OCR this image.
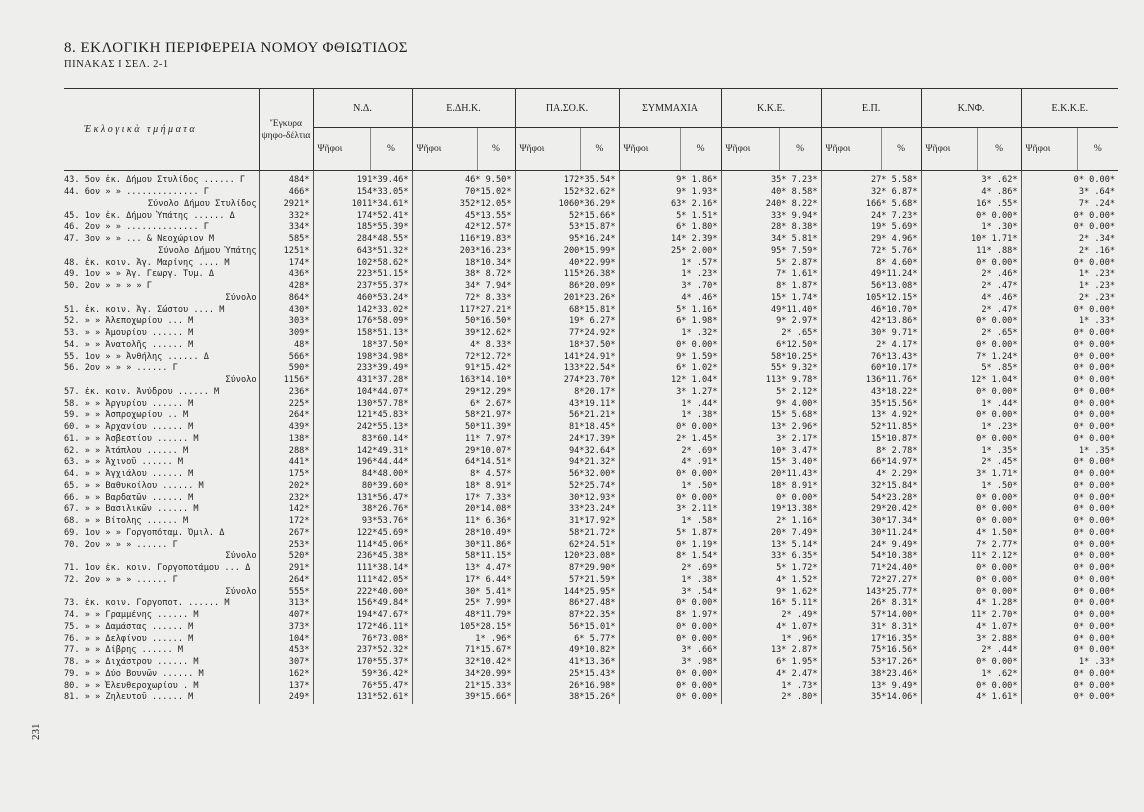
8. ΕΚΛΟΓΙΚΗ ΠΕΡΙΦΕΡΕΙΑ ΝΟΜΟΥ ΦΘΙΩΤΙΔΟΣ
ΠΙΝΑΚΑΣ Ι ΣΕΛ. 2-1
231
Ἐκλογικὰ τμήματα	Ἔγκυρα ψηφο-δέλτια	Ν.Δ.		Ε.ΔΗ.Κ.		ΠΑ.ΣΟ.Κ.		ΣΥΜΜΑΧΙΑ		Κ.Κ.Ε.		Ε.Π.		Κ.ΝΦ.		Ε.Κ.Κ.Ε.	
		Ψῆφοι	%	Ψῆφοι	%	Ψῆφοι	%	Ψῆφοι	%	Ψῆφοι	%	Ψῆφοι	%	Ψῆφοι	%	Ψῆφοι	%
43. 5ον ἐκ. Δήμου Στυλίδος ...... Γ	484*	191*39.46*		46* 9.50*		172*35.54*		9* 1.86*		35* 7.23*		27* 5.58*		3* .62*		0* 0.00*	
44. 6ον » » .............. Γ	466*	154*33.05*		70*15.02*		152*32.62*		9* 1.93*		40* 8.58*		32* 6.87*		4* .86*		3* .64*	
Σύνολο Δήμου Στυλίδος	2921*	1011*34.61*		352*12.05*		1060*36.29*		63* 2.16*		240* 8.22*		166* 5.68*		16* .55*		7* .24*	
45. 1ον ἐκ. Δήμου Ὑπάτης ...... Δ	332*	174*52.41*		45*13.55*		52*15.66*		5* 1.51*		33* 9.94*		24* 7.23*		0* 0.00*		0* 0.00*	
46. 2ον » » .............. Γ	334*	185*55.39*		42*12.57*		53*15.87*		6* 1.80*		28* 8.38*		19* 5.69*		1* .30*		0* 0.00*	
47. 3ον » » ... & Νεοχώριον Μ	585*	284*48.55*		116*19.83*		95*16.24*		14* 2.39*		34* 5.81*		29* 4.96*		10* 1.71*		2* .34*	
Σύνολο Δήμου Ὑπάτης	1251*	643*51.32*		203*16.23*		200*15.99*		25* 2.00*		95* 7.59*		72* 5.76*		11* .88*		2* .16*	
48. ἐκ. κοιν. Ἁγ. Μαρίνης .... Μ	174*	102*58.62*		18*10.34*		40*22.99*		1* .57*		5* 2.87*		8* 4.60*		0* 0.00*		0* 0.00*	
49. 1ον » » Ἁγ. Γεωργ. Τυμ. Δ	436*	223*51.15*		38* 8.72*		115*26.38*		1* .23*		7* 1.61*		49*11.24*		2* .46*		1* .23*	
50. 2ον » » » » Γ	428*	237*55.37*		34* 7.94*		86*20.09*		3* .70*		8* 1.87*		56*13.08*		2* .47*		1* .23*	
Σύνολο	864*	460*53.24*		72* 8.33*		201*23.26*		4* .46*		15* 1.74*		105*12.15*		4* .46*		2* .23*	
51. ἐκ. κοιν. Ἁγ. Σώστου .... Μ	430*	142*33.02*		117*27.21*		68*15.81*		5* 1.16*		49*11.40*		46*10.70*		2* .47*		0* 0.00*	
52. » » Ἀλεποχωρίου ... Μ	303*	176*58.09*		50*16.50*		19* 6.27*		6* 1.98*		9* 2.97*		42*13.86*		0* 0.00*		1* .33*	
53. » » Ἀμουρίου ...... Μ	309*	158*51.13*		39*12.62*		77*24.92*		1* .32*		2* .65*		30* 9.71*		2* .65*		0* 0.00*	
54. » » Ἀνατολῆς ...... Μ	48*	18*37.50*		4* 8.33*		18*37.50*		0* 0.00*		6*12.50*		2* 4.17*		0* 0.00*		0* 0.00*	
55. 1ον » » Ἀνθήλης ...... Δ	566*	198*34.98*		72*12.72*		141*24.91*		9* 1.59*		58*10.25*		76*13.43*		7* 1.24*		0* 0.00*	
56. 2ον » » » ...... Γ	590*	233*39.49*		91*15.42*		133*22.54*		6* 1.02*		55* 9.32*		60*10.17*		5* .85*		0* 0.00*	
Σύνολο	1156*	431*37.28*		163*14.10*		274*23.70*		12* 1.04*		113* 9.78*		136*11.76*		12* 1.04*		0* 0.00*	
57. ἐκ. κοιν. Ἀνύδρου ...... Μ	236*	104*44.07*		29*12.29*		8*20.17*		3* 1.27*		5* 2.12*		43*18.22*		0* 0.00*		0* 0.00*	
58. » » Ἀργυρίου ...... Μ	225*	130*57.78*		6* 2.67*		43*19.11*		1* .44*		9* 4.00*		35*15.56*		1* .44*		0* 0.00*	
59. » » Ἀσπροχωρίου .. Μ	264*	121*45.83*		58*21.97*		56*21.21*		1* .38*		15* 5.68*		13* 4.92*		0* 0.00*		0* 0.00*	
60. » » Ἀρχανίου ...... Μ	439*	242*55.13*		50*11.39*		81*18.45*		0* 0.00*		13* 2.96*		52*11.85*		1* .23*		0* 0.00*	
61. » » Ἀσβεστίου ...... Μ	138*	83*60.14*		11* 7.97*		24*17.39*		2* 1.45*		3* 2.17*		15*10.87*		0* 0.00*		0* 0.00*	
62. » » Ἀτάπλου ...... Μ	288*	142*49.31*		29*10.07*		94*32.64*		2* .69*		10* 3.47*		8* 2.78*		1* .35*		1* .35*	
63. » » Ἀχινοῦ ...... Μ	441*	196*44.44*		64*14.51*		94*21.32*		4* .91*		15* 3.40*		66*14.97*		2* .45*		0* 0.00*	
64. » » Ἀγχιάλου ...... Μ	175*	84*48.00*		8* 4.57*		56*32.00*		0* 0.00*		20*11.43*		4* 2.29*		3* 1.71*		0* 0.00*	
65. » » Βαθυκοίλου ...... Μ	202*	80*39.60*		18* 8.91*		52*25.74*		1* .50*		18* 8.91*		32*15.84*		1* .50*		0* 0.00*	
66. » » Βαρδατῶν ...... Μ	232*	131*56.47*		17* 7.33*		30*12.93*		0* 0.00*		0* 0.00*		54*23.28*		0* 0.00*		0* 0.00*	
67. » » Βασιλικῶν ...... Μ	142*	38*26.76*		20*14.08*		33*23.24*		3* 2.11*		19*13.38*		29*20.42*		0* 0.00*		0* 0.00*	
68. » » Βίτολης ...... Μ	172*	93*53.76*		11* 6.36*		31*17.92*		1* .58*		2* 1.16*		30*17.34*		0* 0.00*		0* 0.00*	
69. 1ον » » Γοργοπόταμ. Ὀμιλ. Δ	267*	122*45.69*		28*10.49*		58*21.72*		5* 1.87*		20* 7.49*		30*11.24*		4* 1.50*		0* 0.00*	
70. 2ον » » » ...... Γ	253*	114*45.06*		30*11.86*		62*24.51*		0* 1.19*		13* 5.14*		24* 9.49*		7* 2.77*		0* 0.00*	
Σύνολο	520*	236*45.38*		58*11.15*		120*23.08*		8* 1.54*		33* 6.35*		54*10.38*		11* 2.12*		0* 0.00*	
71. 1ον ἐκ. κοιν. Γοργοποτάμου ... Δ	291*	111*38.14*		13* 4.47*		87*29.90*		2* .69*		5* 1.72*		71*24.40*		0* 0.00*		0* 0.00*	
72. 2ον » » » ...... Γ	264*	111*42.05*		17* 6.44*		57*21.59*		1* .38*		4* 1.52*		72*27.27*		0* 0.00*		0* 0.00*	
Σύνολο	555*	222*40.00*		30* 5.41*		144*25.95*		3* .54*		9* 1.62*		143*25.77*		0* 0.00*		0* 0.00*	
73. ἐκ. κοιν. Γοργοποτ. ...... Μ	313*	156*49.84*		25* 7.99*		86*27.48*		0* 0.00*		16* 5.11*		26* 8.31*		4* 1.28*		0* 0.00*	
74. » » Γραμμένης ...... Μ	407*	194*47.67*		48*11.79*		87*22.35*		8* 1.97*		2* .49*		57*14.00*		11* 2.70*		0* 0.00*	
75. » » Δαμάστας ...... Μ	373*	172*46.11*		105*28.15*		56*15.01*		0* 0.00*		4* 1.07*		31* 8.31*		4* 1.07*		0* 0.00*	
76. » » Δελφίνου ...... Μ	104*	76*73.08*		1* .96*		6* 5.77*		0* 0.00*		1* .96*		17*16.35*		3* 2.88*		0* 0.00*	
77. » » Δίβρης ...... Μ	453*	237*52.32*		71*15.67*		49*10.82*		3* .66*		13* 2.87*		75*16.56*		2* .44*		0* 0.00*	
78. » » Διχάστρου ...... Μ	307*	170*55.37*		32*10.42*		41*13.36*		3* .98*		6* 1.95*		53*17.26*		0* 0.00*		1* .33*	
79. » » Δύο Βουνῶν ...... Μ	162*	59*36.42*		34*20.99*		25*15.43*		0* 0.00*		4* 2.47*		38*23.46*		1* .62*		0* 0.00*	
80. » » Ἐλευθεροχωρίου . Μ	137*	76*55.47*		21*15.33*		26*16.98*		0* 0.00*		1* .73*		13* 9.49*		0* 0.00*		0* 0.00*	
81. » » Ζηλευτοῦ ...... Μ	249*	131*52.61*		39*15.66*		38*15.26*		0* 0.00*		2* .80*		35*14.06*		4* 1.61*		0* 0.00*	
